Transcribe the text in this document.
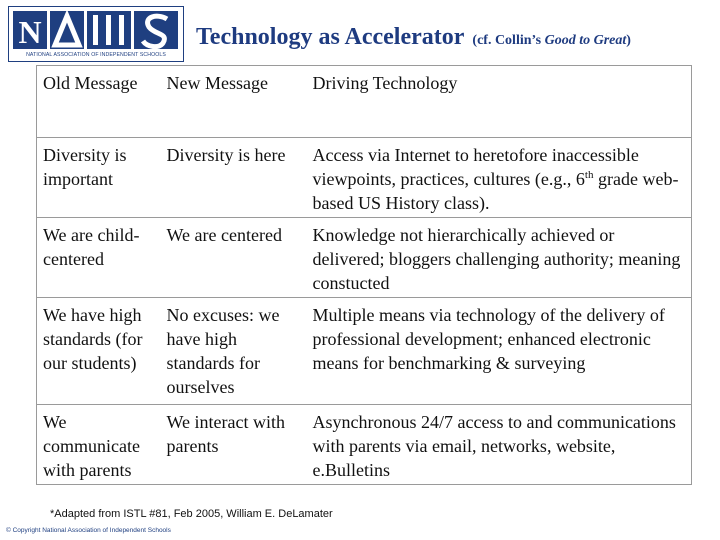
N
NATIONAL ASSOCIATION OF INDEPENDENT SCHOOLS
Technology as Accelerator (cf. Collin’s Good to Great)
Old Message	New Message	Driving Technology
Diversity is important	Diversity is here	Access via Internet to heretofore inaccessible viewpoints, practices, cultures (e.g., 6th grade web-based US History class).
We are child-centered	We are centered	Knowledge not hierarchically achieved or delivered; bloggers challenging authority; meaning constucted
We have high standards (for our students)	No excuses: we have high standards for ourselves	Multiple means via technology of the delivery of professional development; enhanced electronic means for benchmarking & surveying
We communicate with parents	We interact with parents	Asynchronous 24/7 access to and communications with parents via email, networks, website, e.Bulletins
*Adapted from ISTL #81, Feb 2005, William E. DeLamater
© Copyright National Association of Independent Schools
